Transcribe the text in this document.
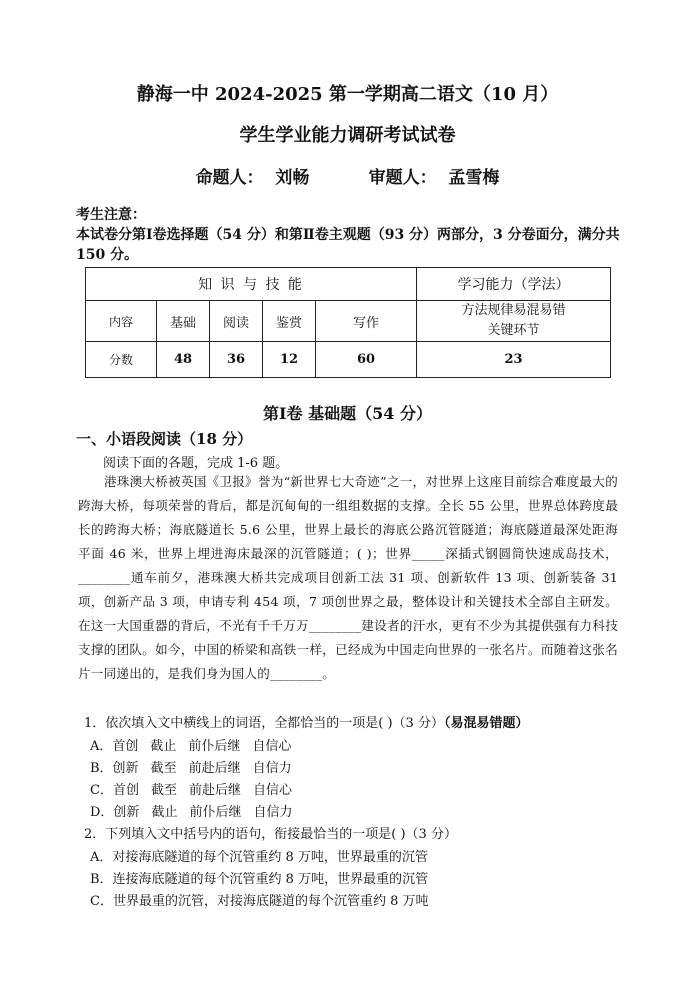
静海一中 2024-2025 第一学期高二语文（10 月）
学生学业能力调研考试试卷
命题人：  刘畅          审题人：  孟雪梅
考生注意：
本试卷分第Ⅰ卷选择题（54 分）和第Ⅱ卷主观题（93 分）两部分，3 分卷面分，满分共 150 分。
知 识 与 技 能					学习能力（学法）
内容	基础	阅读	鉴赏	写作	方法规律易混易错
关键环节

分数	48	36	12	60	23
第Ⅰ卷 基础题（54 分）
一、小语段阅读（18 分）
阅读下面的各题，完成 1-6 题。
港珠澳大桥被英国《卫报》誉为“新世界七大奇迹”之一，对世界上这座目前综合难度最大的跨海大桥，每项荣誉的背后，都是沉甸甸的一组组数据的支撑。全长 55 公里，世界总体跨度最长的跨海大桥；海底隧道长 5.6 公里，世界上最长的海底公路沉管隧道；海底隧道最深处距海平面 46 米，世界上埋进海床最深的沉管隧道；( )；世界_____深插式钢圆筒快速成岛技术，________通车前夕，港珠澳大桥共完成项目创新工法 31 项、创新软件 13 项、创新装备 31 项，创新产品 3 项，申请专利 454 项，7 项创世界之最，整体设计和关键技术全部自主研发。在这一大国重器的背后，不光有千千万万________建设者的汗水，更有不少为其提供强有力科技支撑的团队。如今，中国的桥梁和高铁一样，已经成为中国走向世界的一张名片。而随着这张名片一同递出的，是我们身为国人的________。
1．依次填入文中横线上的词语，全都恰当的一项是( )（3 分）（易混易错题）
A．首创 截止 前仆后继 自信心
B．创新 截至 前赴后继 自信力
C．首创 截至 前赴后继 自信心
D．创新 截止 前仆后继 自信力
2．下列填入文中括号内的语句，衔接最恰当的一项是( )（3 分）
A．对接海底隧道的每个沉管重约 8 万吨，世界最重的沉管
B．连接海底隧道的每个沉管重约 8 万吨，世界最重的沉管
C．世界最重的沉管，对接海底隧道的每个沉管重约 8 万吨
